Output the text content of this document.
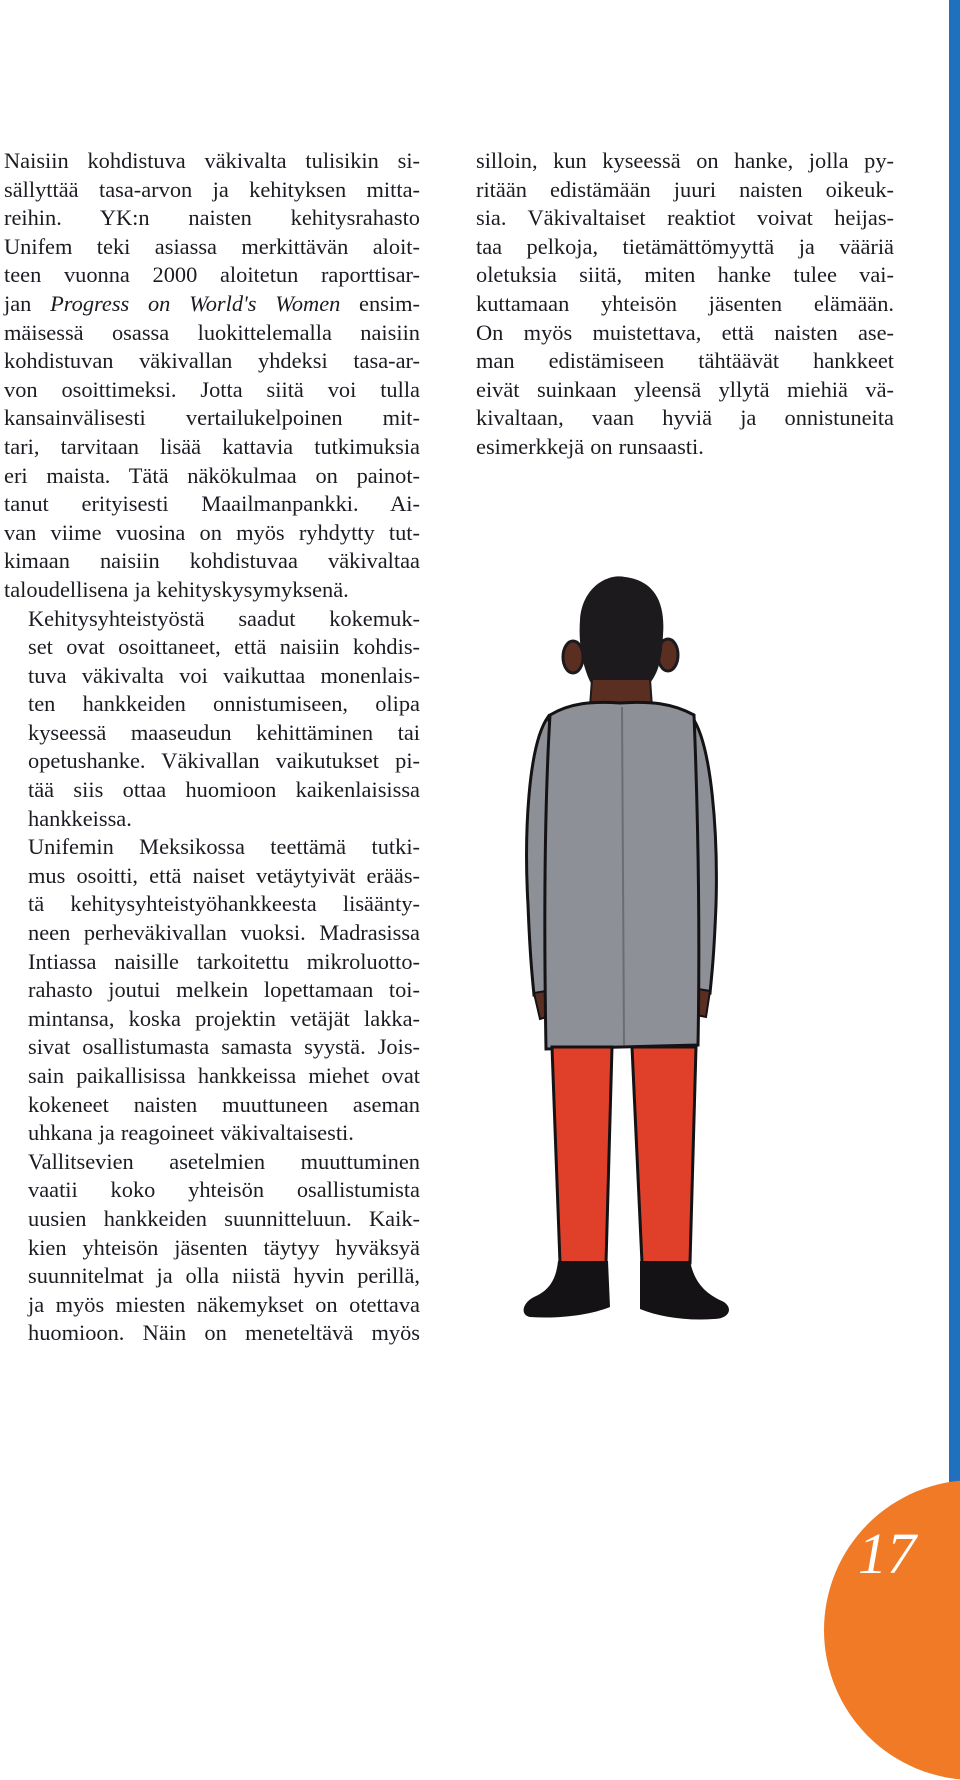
Naisiin kohdistuva väkivalta tulisikin si-
sällyttää tasa-arvon ja kehityksen mitta-
reihin. YK:n naisten kehitysrahasto
Unifem teki asiassa merkittävän aloit-
teen vuonna 2000 aloitetun raporttisar-
jan Progress on World's Women ensim-
mäisessä osassa luokittelemalla naisiin
kohdistuvan väkivallan yhdeksi tasa-ar-
von osoittimeksi. Jotta siitä voi tulla
kansainvälisesti vertailukelpoinen mit-
tari, tarvitaan lisää kattavia tutkimuksia
eri maista. Tätä näkökulmaa on painot-
tanut erityisesti Maailmanpankki. Ai-
van viime vuosina on myös ryhdytty tut-
kimaan naisiin kohdistuvaa väkivaltaa
taloudellisena ja kehityskysymyksenä.
Kehitysyhteistyöstä saadut kokemuk-
set ovat osoittaneet, että naisiin kohdis-
tuva väkivalta voi vaikuttaa monenlais-
ten hankkeiden onnistumiseen, olipa
kyseessä maaseudun kehittäminen tai
opetushanke. Väkivallan vaikutukset pi-
tää siis ottaa huomioon kaikenlaisissa
hankkeissa.
Unifemin Meksikossa teettämä tutki-
mus osoitti, että naiset vetäytyivät erääs-
tä kehitysyhteistyöhankkeesta lisäänty-
neen perheväkivallan vuoksi. Madrasissa
Intiassa naisille tarkoitettu mikroluotto-
rahasto joutui melkein lopettamaan toi-
mintansa, koska projektin vetäjät lakka-
sivat osallistumasta samasta syystä. Jois-
sain paikallisissa hankkeissa miehet ovat
kokeneet naisten muuttuneen aseman
uhkana ja reagoineet väkivaltaisesti.
Vallitsevien asetelmien muuttuminen
vaatii koko yhteisön osallistumista
uusien hankkeiden suunnitteluun. Kaik-
kien yhteisön jäsenten täytyy hyväksyä
suunnitelmat ja olla niistä hyvin perillä,
ja myös miesten näkemykset on otettava
huomioon. Näin on meneteltävä myös
silloin, kun kyseessä on hanke, jolla py-
ritään edistämään juuri naisten oikeuk-
sia. Väkivaltaiset reaktiot voivat heijas-
taa pelkoja, tietämättömyyttä ja vääriä
oletuksia siitä, miten hanke tulee vai-
kuttamaan yhteisön jäsenten elämään.
On myös muistettava, että naisten ase-
man edistämiseen tähtäävät hankkeet
eivät suinkaan yleensä yllytä miehiä vä-
kivaltaan, vaan hyviä ja onnistuneita
esimerkkejä on runsaasti.
17
